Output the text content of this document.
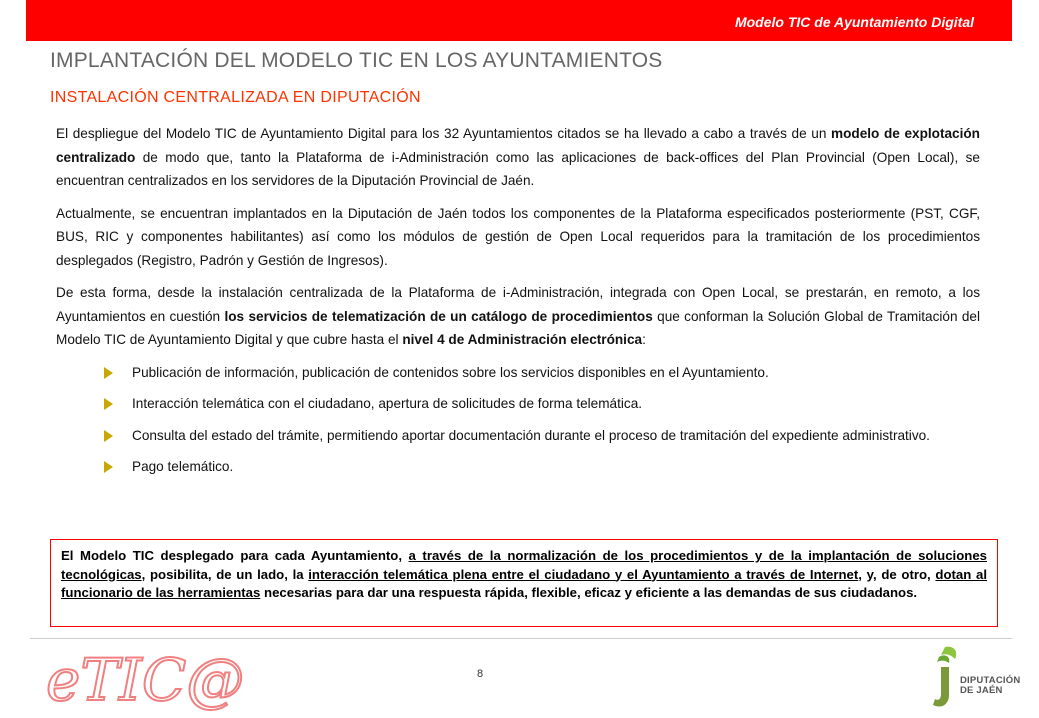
Modelo TIC de Ayuntamiento Digital
IMPLANTACIÓN DEL MODELO TIC EN LOS AYUNTAMIENTOS
INSTALACIÓN CENTRALIZADA EN DIPUTACIÓN

El despliegue del Modelo TIC de Ayuntamiento Digital para los 32 Ayuntamientos citados se ha llevado a cabo a través de un modelo de explotación centralizado de modo que, tanto la Plataforma de i-Administración como las aplicaciones de back-offices del Plan Provincial (Open Local), se encuentran centralizados en los servidores de la Diputación Provincial de Jaén.

Actualmente, se encuentran implantados en la Diputación de Jaén todos los componentes de la Plataforma especificados posteriormente (PST, CGF, BUS, RIC y componentes habilitantes) así como los módulos de gestión de Open Local requeridos para la tramitación de los procedimientos desplegados (Registro, Padrón y Gestión de Ingresos).

De esta forma, desde la instalación centralizada de la Plataforma de i-Administración, integrada con Open Local, se prestarán, en remoto, a los Ayuntamientos en cuestión los servicios de telematización de un catálogo de procedimientos que conforman la Solución Global de Tramitación del Modelo TIC de Ayuntamiento Digital y que cubre hasta el nivel 4 de Administración electrónica:

Publicación de información, publicación de contenidos sobre los servicios disponibles en el Ayuntamiento.
Interacción telemática con el ciudadano, apertura de solicitudes de forma telemática.
Consulta del estado del trámite, permitiendo aportar documentación durante el proceso de tramitación del expediente administrativo.
Pago telemático.
El Modelo TIC desplegado para cada Ayuntamiento, a través de la normalización de los procedimientos y de la implantación de soluciones tecnológicas, posibilita, de un lado, la interacción telemática plena entre el ciudadano y el Ayuntamiento a través de Internet, y, de otro, dotan al funcionario de las herramientas necesarias para dar una respuesta rápida, flexible, eficaz y eficiente a las demandas de sus ciudadanos.
eTIC@	8
DIPUTACIÓN
DE JAÉN
